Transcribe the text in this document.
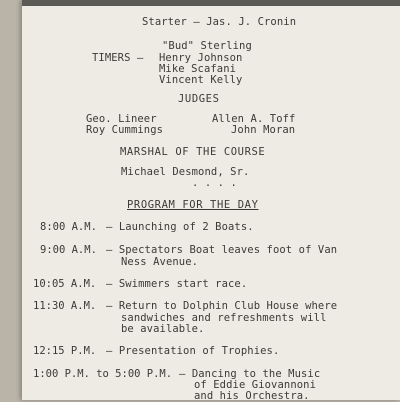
Starter – Jas. J. Cronin
TIMERS —
"Bud" Sterling
Henry Johnson
Mike Scafani
Vincent Kelly
JUDGES
Geo. Lineer
Roy Cummings
Allen A. Toff
John Moran
MARSHAL OF THE COURSE
Michael Desmond, Sr.
. . . .
PROGRAM FOR THE DAY
8:00 A.M. – Launching of 2 Boats.
9:00 A.M. – Spectators Boat leaves foot of Van
Ness Avenue.
10:05 A.M. – Swimmers start race.
11:30 A.M. – Return to Dolphin Club House where
sandwiches and refreshments will
be available.
12:15 P.M. – Presentation of Trophies.
1:00 P.M. to 5:00 P.M. – Dancing to the Music
of Eddie Giovannoni
and his Orchestra.
